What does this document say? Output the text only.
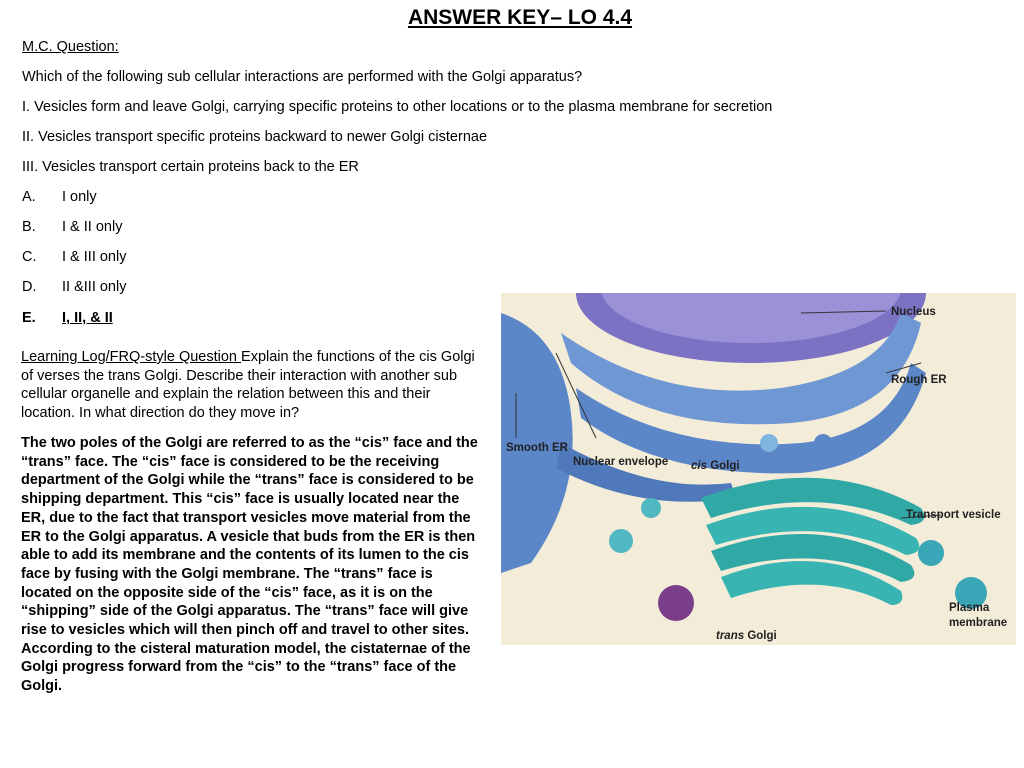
ANSWER KEY– LO 4.4
M.C. Question:
Which of the following sub cellular interactions are performed with the Golgi apparatus?
I. Vesicles form and leave Golgi, carrying specific proteins to other locations or to the plasma membrane for secretion
II. Vesicles transport specific proteins backward to newer Golgi cisternae
III. Vesicles transport certain proteins back to the ER
A. I only
B. I & II only
C. I & III only
D. II &III only
E. I, II, & II
Learning Log/FRQ-style Question Explain the functions of the cis Golgi of verses the trans Golgi. Describe their interaction with another sub cellular organelle and explain the relation between this and their location. In what direction do they move in?
The two poles of the Golgi are referred to as the “cis” face and the “trans” face. The “cis” face is considered to be the receiving department of the Golgi while the “trans” face is considered to be shipping department. This “cis” face is usually located near the ER, due to the fact that transport vesicles move material from the ER to the Golgi apparatus. A vesicle that buds from the ER is then able to add its membrane and the contents of its lumen to the cis face by fusing with the Golgi membrane. The “trans” face is located on the opposite side of the “cis” face, as it is on the “shipping” side of the Golgi apparatus. The “trans” face will give rise to vesicles which will then pinch off and travel to other sites. According to the cisteral maturation model, the cistaternae of the Golgi progress forward from the “cis” to the “trans” face of the Golgi.
Nucleus
Rough ER
Smooth ER
Nuclear envelope cis Golgi
Transport vesicle
Plasma
membrane
trans Golgi
